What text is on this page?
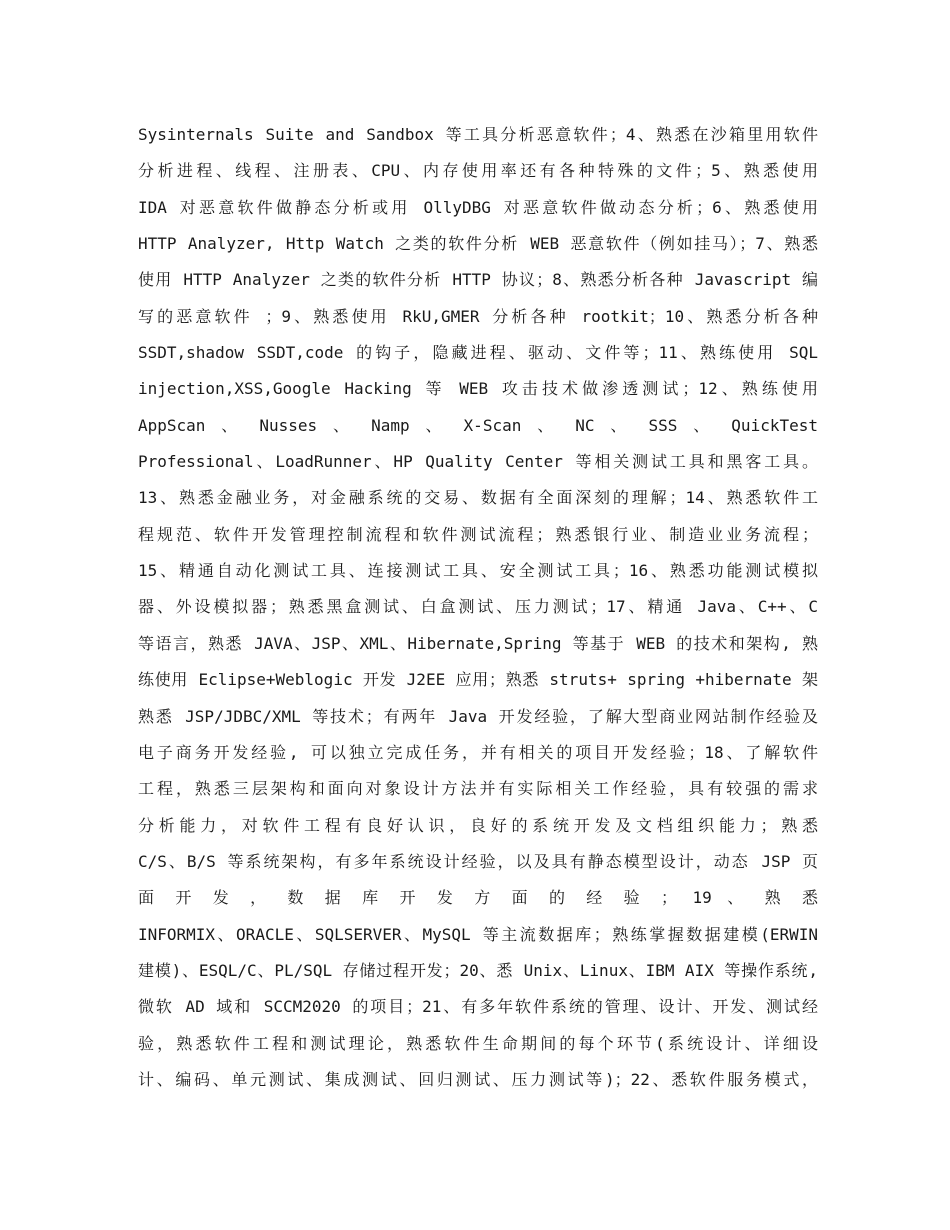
Sysinternals Suite and Sandbox 等工具分析恶意软件；4、熟悉在沙箱里用软件
分析进程、线程、注册表、CPU、内存使用率还有各种特殊的文件；5、熟悉使用
IDA 对恶意软件做静态分析或用 OllyDBG 对恶意软件做动态分析；6、熟悉使用
HTTP Analyzer, Http Watch 之类的软件分析 WEB 恶意软件（例如挂马）；7、熟悉
使用 HTTP Analyzer 之类的软件分析 HTTP 协议；8、熟悉分析各种 Javascript 编
写的恶意软件 ；9、熟悉使用 RkU,GMER 分析各种 rootkit；10、熟悉分析各种
SSDT,shadow SSDT,code 的钩子，隐藏进程、驱动、文件等；11、熟练使用 SQL
injection,XSS,Google Hacking 等 WEB 攻击技术做渗透测试；12、熟练使用
AppScan 、 Nusses 、 Namp 、 X-Scan 、 NC 、 SSS 、 QuickTest
Professional、LoadRunner、HP Quality Center 等相关测试工具和黑客工具。
13、熟悉金融业务，对金融系统的交易、数据有全面深刻的理解；14、熟悉软件工
程规范、软件开发管理控制流程和软件测试流程；熟悉银行业、制造业业务流程；
15、精通自动化测试工具、连接测试工具、安全测试工具；16、熟悉功能测试模拟
器、外设模拟器；熟悉黑盒测试、白盒测试、压力测试；17、精通 Java、C++、C
等语言，熟悉 JAVA、JSP、XML、Hibernate,Spring 等基于 WEB 的技术和架构, 熟
练使用 Eclipse+Weblogic 开发 J2EE 应用；熟悉 struts+ spring +hibernate 架
熟悉 JSP/JDBC/XML 等技术；有两年 Java 开发经验，了解大型商业网站制作经验及
电子商务开发经验, 可以独立完成任务，并有相关的项目开发经验；18、了解软件
工程，熟悉三层架构和面向对象设计方法并有实际相关工作经验，具有较强的需求
分析能力，对软件工程有良好认识，良好的系统开发及文档组织能力；熟悉
C/S、B/S 等系统架构，有多年系统设计经验，以及具有静态模型设计，动态 JSP 页
面 开 发 ， 数 据 库 开 发 方 面 的 经 验 ； 19 、 熟 悉
INFORMIX、ORACLE、SQLSERVER、MySQL 等主流数据库；熟练掌握数据建模(ERWIN
建模)、ESQL/C、PL/SQL 存储过程开发；20、悉 Unix、Linux、IBM AIX 等操作系统,
微软 AD 域和 SCCM2020 的项目；21、有多年软件系统的管理、设计、开发、测试经
验，熟悉软件工程和测试理论，熟悉软件生命期间的每个环节(系统设计、详细设
计、编码、单元测试、集成测试、回归测试、压力测试等)；22、悉软件服务模式，
